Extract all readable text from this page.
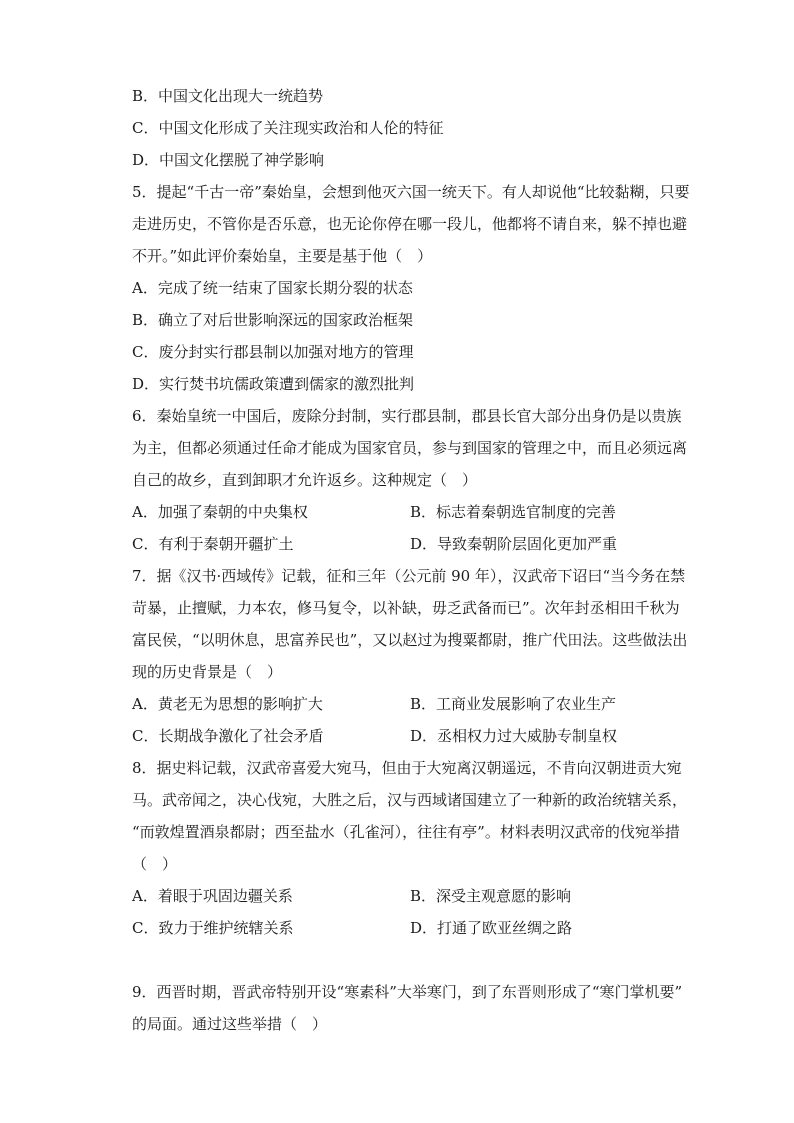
B．中国文化出现大一统趋势
C．中国文化形成了关注现实政治和人伦的特征
D．中国文化摆脱了神学影响
5．提起“千古一帝”秦始皇，会想到他灭六国一统天下。有人却说他“比较黏糊，只要
走进历史，不管你是否乐意，也无论你停在哪一段儿，他都将不请自来，躲不掉也避
不开。”如此评价秦始皇，主要是基于他（　）
A．完成了统一结束了国家长期分裂的状态
B．确立了对后世影响深远的国家政治框架
C．废分封实行郡县制以加强对地方的管理
D．实行焚书坑儒政策遭到儒家的激烈批判
6．秦始皇统一中国后，废除分封制，实行郡县制，郡县长官大部分出身仍是以贵族
为主，但都必须通过任命才能成为国家官员，参与到国家的管理之中，而且必须远离
自己的故乡，直到卸职才允许返乡。这种规定（　）
A．加强了秦朝的中央集权	B．标志着秦朝选官制度的完善
C．有利于秦朝开疆扩土	D．导致秦朝阶层固化更加严重
7．据《汉书·西域传》记载，征和三年（公元前 90 年），汉武帝下诏曰“当今务在禁
苛暴，止擅赋，力本农，修马复令，以补缺，毋乏武备而已”。次年封丞相田千秋为
富民侯，“以明休息，思富养民也”，又以赵过为搜粟都尉，推广代田法。这些做法出
现的历史背景是（　）
A．黄老无为思想的影响扩大	B．工商业发展影响了农业生产
C．长期战争激化了社会矛盾	D．丞相权力过大威胁专制皇权
8．据史料记载，汉武帝喜爱大宛马，但由于大宛离汉朝遥远，不肯向汉朝进贡大宛
马。武帝闻之，决心伐宛，大胜之后，汉与西域诸国建立了一种新的政治统辖关系，
“而敦煌置酒泉都尉；西至盐水（孔雀河），往往有亭”。材料表明汉武帝的伐宛举措
（　）
A．着眼于巩固边疆关系	B．深受主观意愿的影响
C．致力于维护统辖关系	D．打通了欧亚丝绸之路
9．西晋时期，晋武帝特别开设“寒素科”大举寒门，到了东晋则形成了“寒门掌机要”
的局面。通过这些举措（　）
